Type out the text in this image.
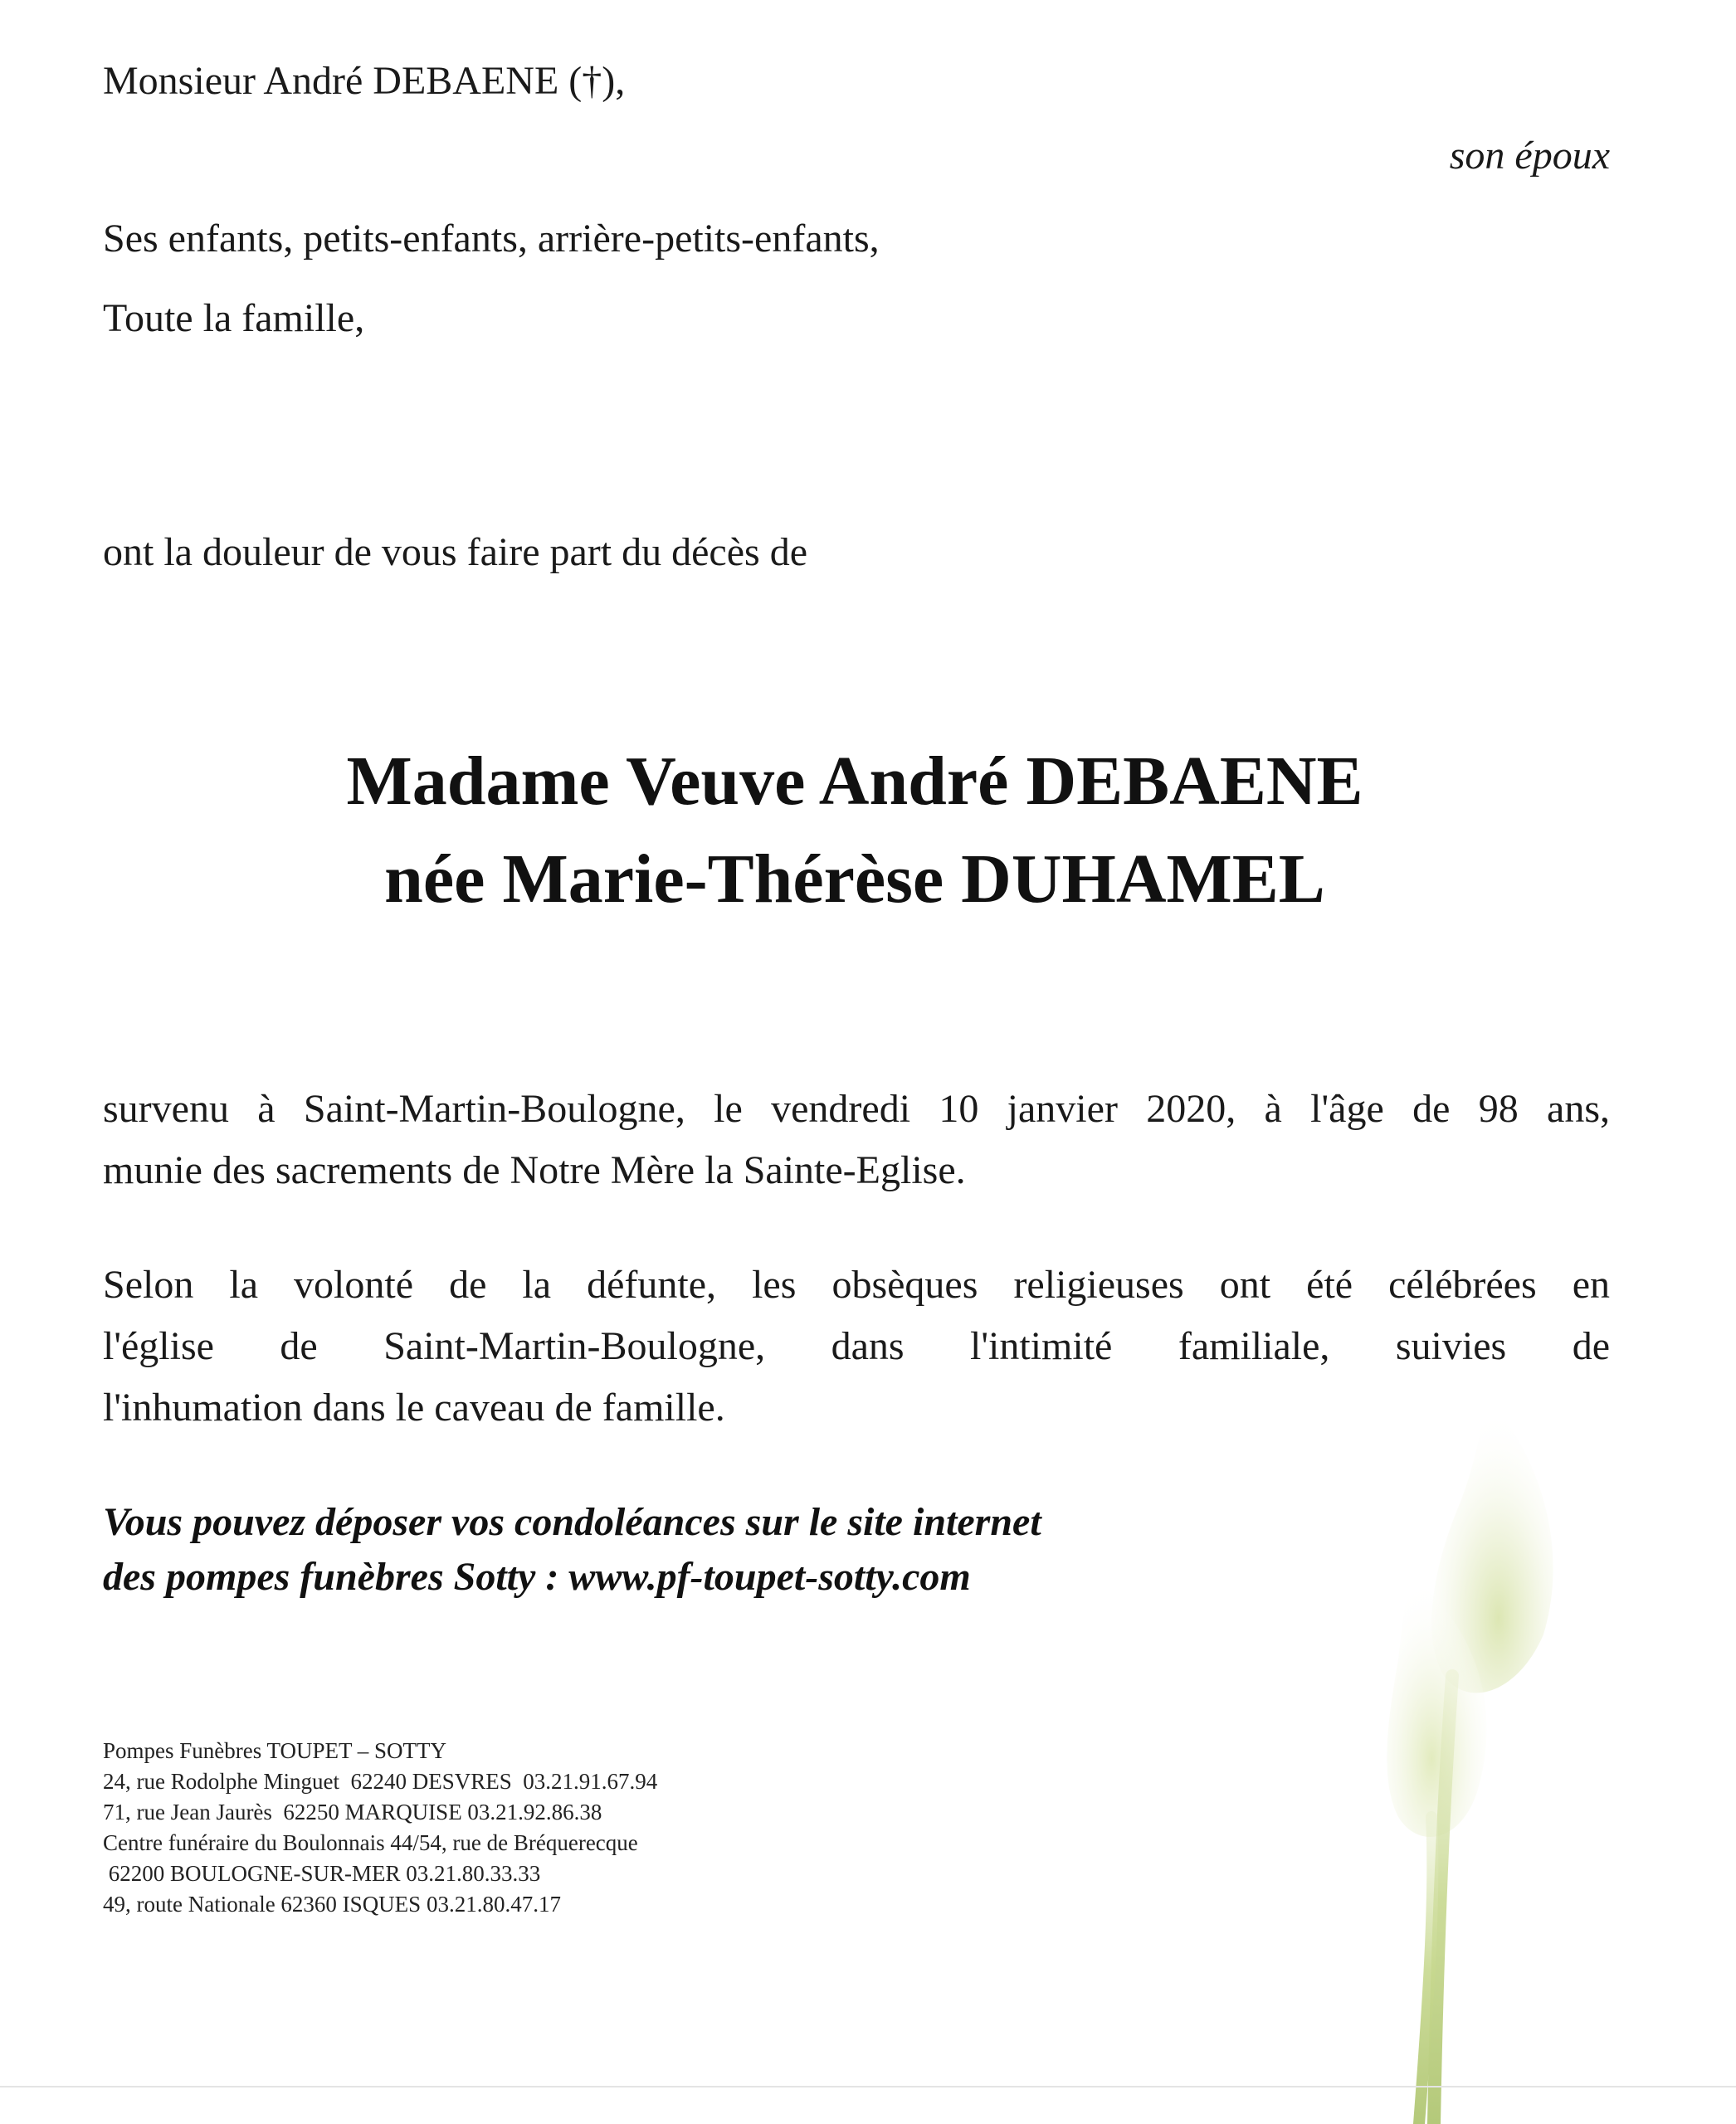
Monsieur André DEBAENE (†),
son époux
Ses enfants, petits-enfants, arrière-petits-enfants,
Toute la famille,
ont la douleur de vous faire part du décès de
Madame Veuve André DEBAENE
née Marie-Thérèse DUHAMEL
survenu à Saint-Martin-Boulogne, le vendredi 10 janvier 2020, à l'âge de 98 ans,
munie des sacrements de Notre Mère la Sainte-Eglise.
Selon la volonté de la défunte, les obsèques religieuses ont été célébrées en
l'église de Saint-Martin-Boulogne, dans l'intimité familiale, suivies de
l'inhumation dans le caveau de famille.
Vous pouvez déposer vos condoléances sur le site internet
des pompes funèbres Sotty : www.pf-toupet-sotty.com
Pompes Funèbres TOUPET – SOTTY
24, rue Rodolphe Minguet  62240 DESVRES  03.21.91.67.94
71, rue Jean Jaurès  62250 MARQUISE 03.21.92.86.38
Centre funéraire du Boulonnais 44/54, rue de Bréquerecque
62200 BOULOGNE-SUR-MER 03.21.80.33.33
49, route Nationale 62360 ISQUES 03.21.80.47.17
